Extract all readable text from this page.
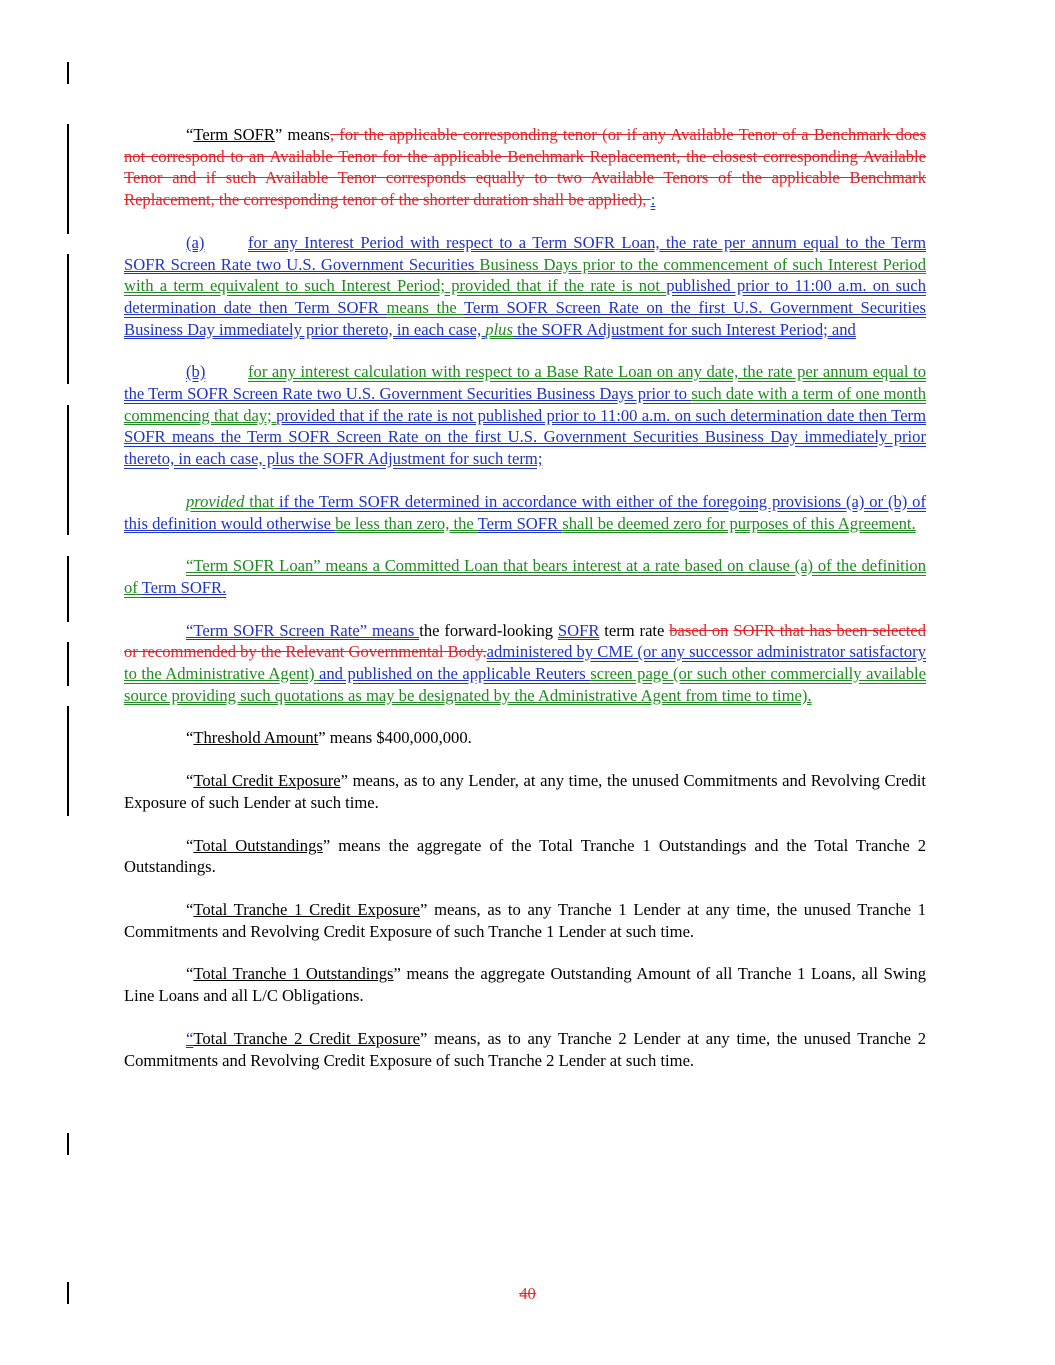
“Term SOFR” means, for the applicable corresponding tenor (or if any Available Tenor of a Benchmark does not correspond to an Available Tenor for the applicable Benchmark Replacement, the closest corresponding Available Tenor and if such Available Tenor corresponds equally to two Available Tenors of the applicable Benchmark Replacement, the corresponding tenor of the shorter duration shall be applied), :

(a)	for any Interest Period with respect to a Term SOFR Loan, the rate per annum equal to the Term SOFR Screen Rate two U.S. Government Securities Business Days prior to the commencement of such Interest Period with a term equivalent to such Interest Period; provided that if the rate is not published prior to 11:00 a.m. on such determination date then Term SOFR means the Term SOFR Screen Rate on the first U.S. Government Securities Business Day immediately prior thereto, in each case, plus the SOFR Adjustment for such Interest Period; and

(b)	for any interest calculation with respect to a Base Rate Loan on any date, the rate per annum equal to the Term SOFR Screen Rate two U.S. Government Securities Business Days prior to such date with a term of one month commencing that day; provided that if the rate is not published prior to 11:00 a.m. on such determination date then Term SOFR means the Term SOFR Screen Rate on the first U.S. Government Securities Business Day immediately prior thereto, in each case, plus the SOFR Adjustment for such term;

provided that if the Term SOFR determined in accordance with either of the foregoing provisions (a) or (b) of this definition would otherwise be less than zero, the Term SOFR shall be deemed zero for purposes of this Agreement.

“Term SOFR Loan” means a Committed Loan that bears interest at a rate based on clause (a) of the definition of Term SOFR.

“Term SOFR Screen Rate” means the forward-looking SOFR term rate based on SOFR that has been selected or recommended by the Relevant Governmental Body.administered by CME (or any successor administrator satisfactory to the Administrative Agent) and published on the applicable Reuters screen page (or such other commercially available source providing such quotations as may be designated by the Administrative Agent from time to time).

“Threshold Amount” means $400,000,000.

“Total Credit Exposure” means, as to any Lender, at any time, the unused Commitments and Revolving Credit Exposure of such Lender at such time.

“Total Outstandings” means the aggregate of the Total Tranche 1 Outstandings and the Total Tranche 2 Outstandings.

“Total Tranche 1 Credit Exposure” means, as to any Tranche 1 Lender at any time, the unused Tranche 1 Commitments and Revolving Credit Exposure of such Tranche 1 Lender at such time.

“Total Tranche 1 Outstandings” means the aggregate Outstanding Amount of all Tranche 1 Loans, all Swing Line Loans and all L/C Obligations.

“Total Tranche 2 Credit Exposure” means, as to any Tranche 2 Lender at any time, the unused Tranche 2 Commitments and Revolving Credit Exposure of such Tranche 2 Lender at such time.

40
